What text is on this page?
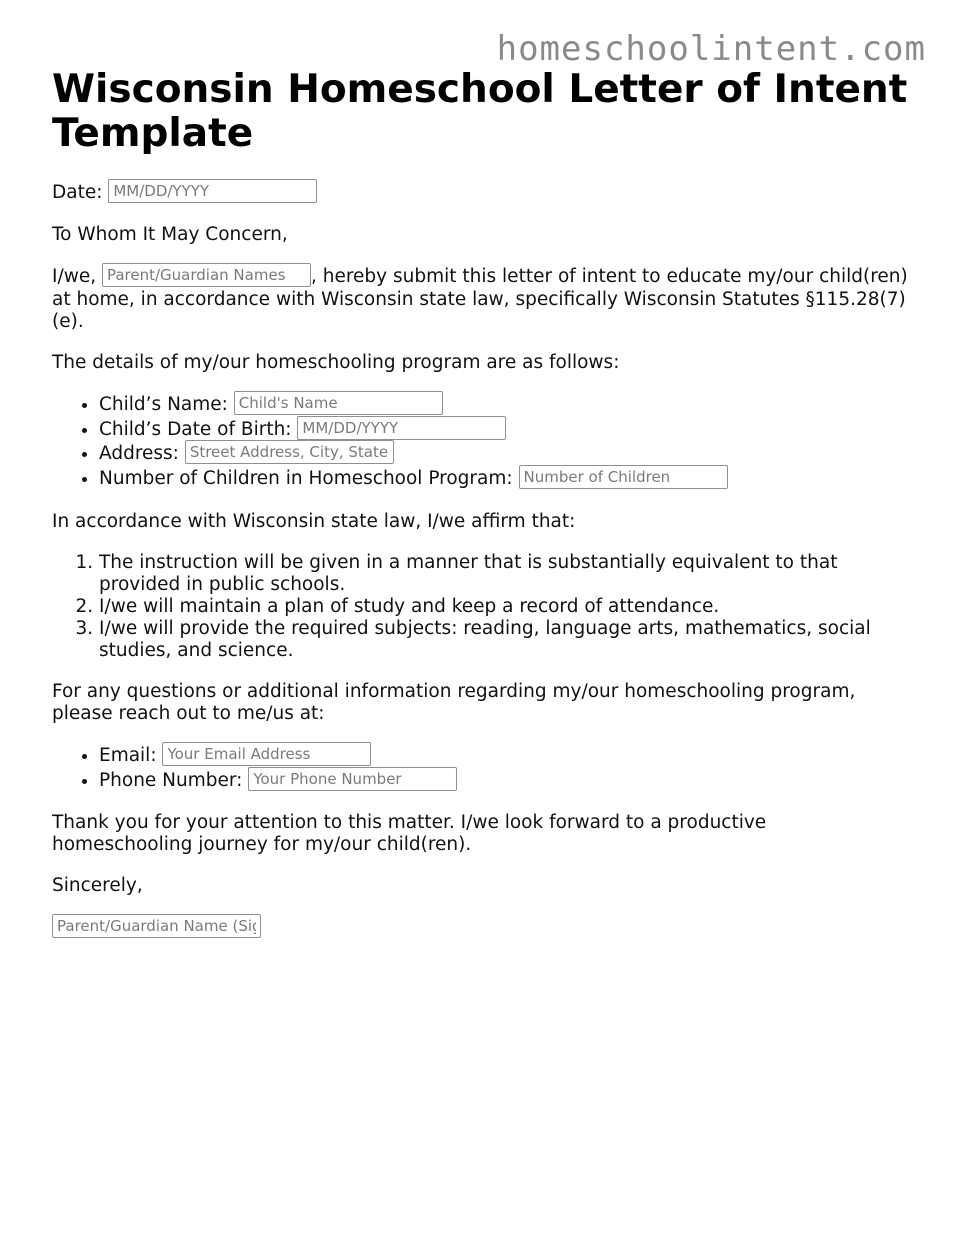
homeschoolintent.com
Wisconsin Homeschool Letter of Intent Template

Date: MM/DD/YYYY

To Whom It May Concern,

I/we, Parent/Guardian Names	, hereby submit this letter of intent to educate my/our child(ren) at home, in accordance with Wisconsin state law, specifically Wisconsin Statutes §115.28(7)(e).

The details of my/our homeschooling program are as follows:

• Child’s Name: Child's Name
• Child’s Date of Birth: MM/DD/YYYY
• Address: Street Address, City, State
• Number of Children in Homeschool Program: Number of Children

In accordance with Wisconsin state law, I/we affirm that:

1. The instruction will be given in a manner that is substantially equivalent to that provided in public schools.
2. I/we will maintain a plan of study and keep a record of attendance.
3. I/we will provide the required subjects: reading, language arts, mathematics, social studies, and science.

For any questions or additional information regarding my/our homeschooling program, please reach out to me/us at:

• Email: Your Email Address
• Phone Number: Your Phone Number

Thank you for your attention to this matter. I/we look forward to a productive homeschooling journey for my/our child(ren).

Sincerely,

Parent/Guardian Name (Signature)
